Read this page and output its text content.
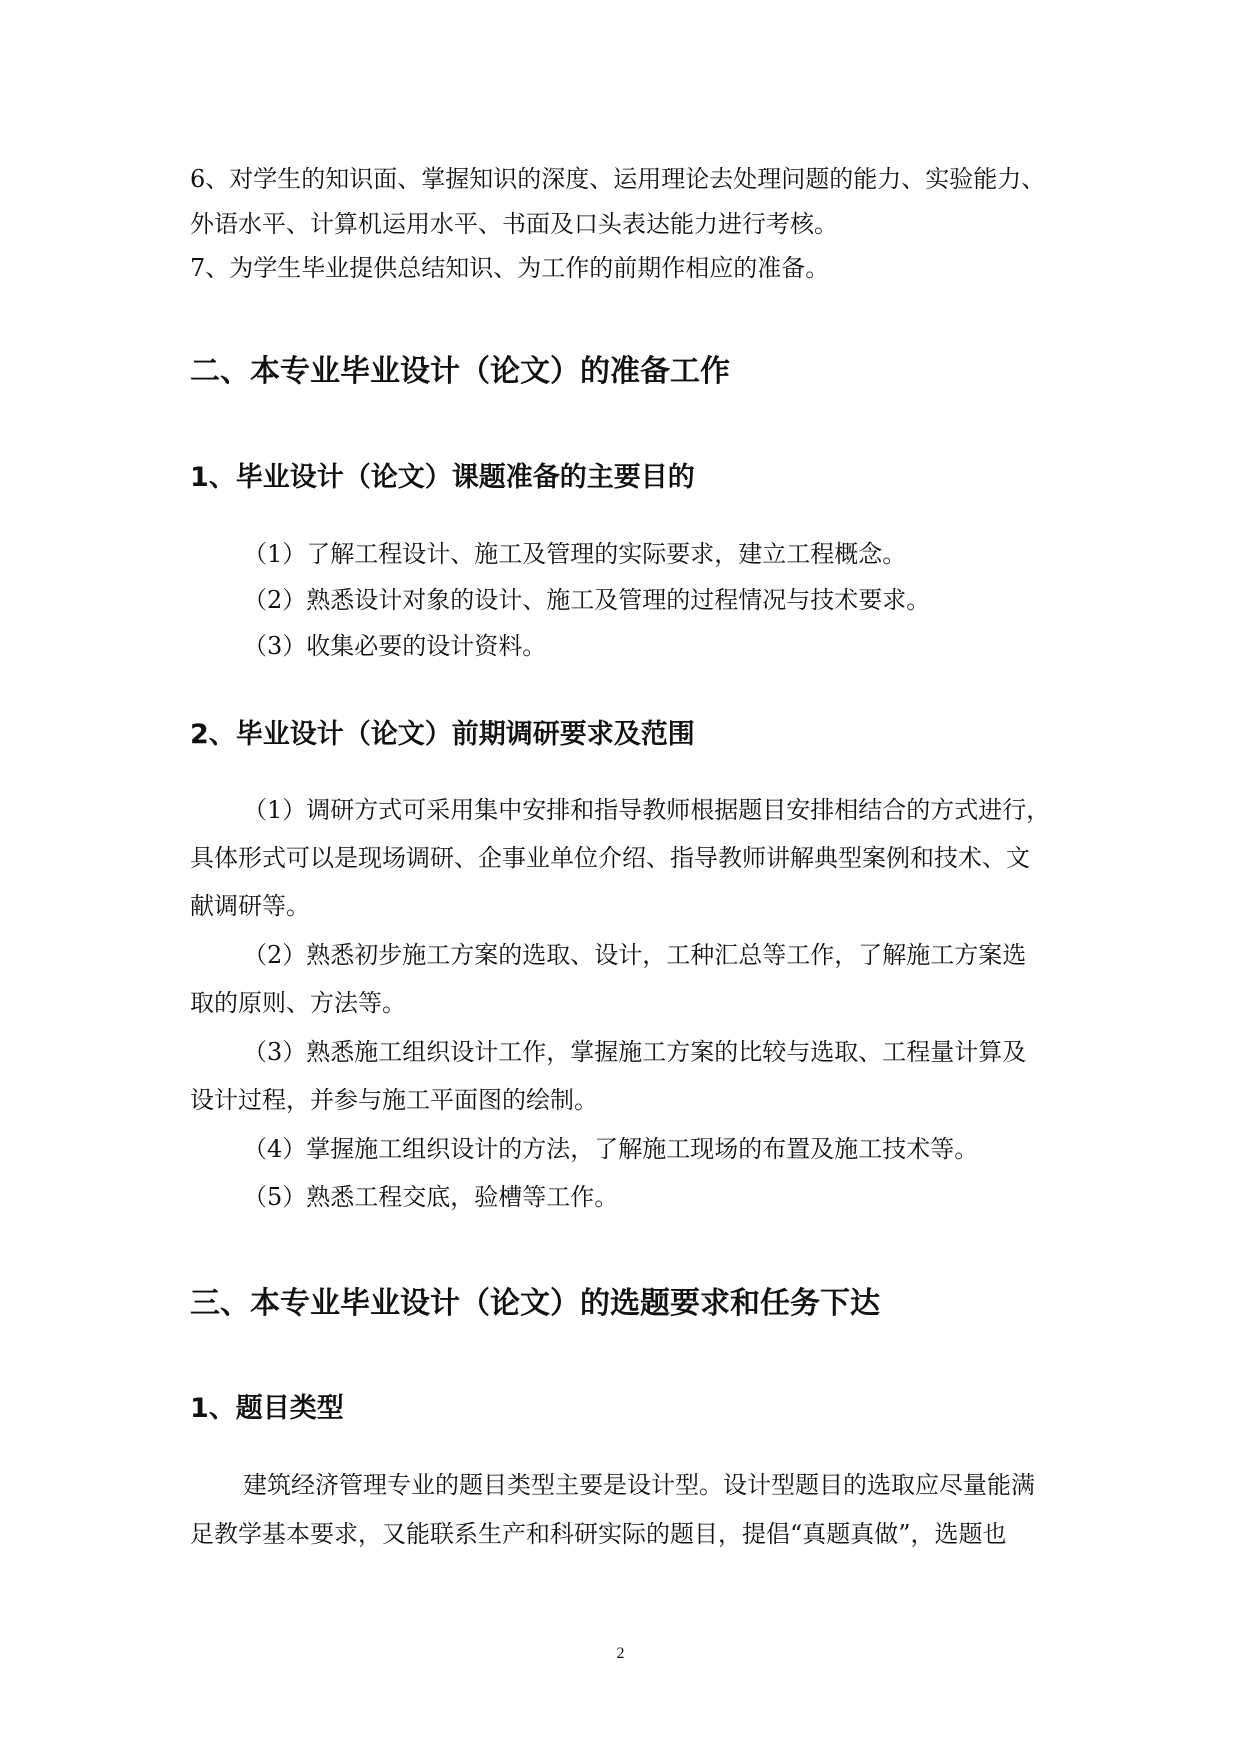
6、对学生的知识面、掌握知识的深度、运用理论去处理问题的能力、实验能力、
外语水平、计算机运用水平、书面及口头表达能力进行考核。
7、为学生毕业提供总结知识、为工作的前期作相应的准备。
二、本专业毕业设计（论文）的准备工作
1、毕业设计（论文）课题准备的主要目的
（1）了解工程设计、施工及管理的实际要求，建立工程概念。
（2）熟悉设计对象的设计、施工及管理的过程情况与技术要求。
（3）收集必要的设计资料。
2、毕业设计（论文）前期调研要求及范围
（1）调研方式可采用集中安排和指导教师根据题目安排相结合的方式进行，
具体形式可以是现场调研、企事业单位介绍、指导教师讲解典型案例和技术、文
献调研等。
（2）熟悉初步施工方案的选取、设计，工种汇总等工作，了解施工方案选
取的原则、方法等。
（3）熟悉施工组织设计工作，掌握施工方案的比较与选取、工程量计算及
设计过程，并参与施工平面图的绘制。
（4）掌握施工组织设计的方法，了解施工现场的布置及施工技术等。
（5）熟悉工程交底，验槽等工作。
三、本专业毕业设计（论文）的选题要求和任务下达
1、题目类型
建筑经济管理专业的题目类型主要是设计型。设计型题目的选取应尽量能满
足教学基本要求，又能联系生产和科研实际的题目，提倡“真题真做”，选题也
2
